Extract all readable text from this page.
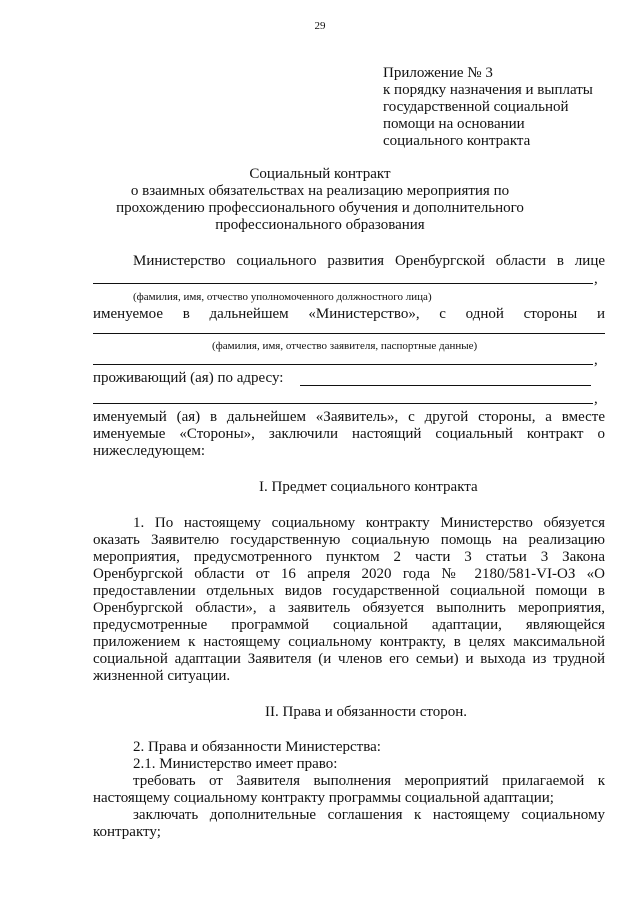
29

Приложение № 3

к порядку назначения и выплаты

государственной социальной

помощи на основании

социального контракта

Социальный контракт

о взаимных обязательствах на реализацию мероприятия по

прохождению профессионального обучения и дополнительного

профессионального образования

Министерство социального развития Оренбургской области в лице

,

(фамилия, имя, отчество уполномоченного должностного лица)

именуемое в дальнейшем «Министерство», с одной стороны и

(фамилия, имя, отчество заявителя, паспортные данные)

,

проживающий (ая) по адресу:

,

именуемый (ая) в дальнейшем «Заявитель», с другой стороны, а вместе

именуемые «Стороны», заключили настоящий социальный контракт о

нижеследующем:

I. Предмет социального контракта

1. По настоящему социальному контракту Министерство обязуется

оказать Заявителю государственную социальную помощь на реализацию

мероприятия, предусмотренного пунктом 2 части 3 статьи 3 Закона

Оренбургской области от 16 апреля 2020 года № 2180/581-VI-ОЗ «О

предоставлении отдельных видов государственной социальной помощи в

Оренбургской области», а заявитель обязуется выполнить мероприятия,

предусмотренные программой социальной адаптации, являющейся

приложением к настоящему социальному контракту, в целях максимальной

социальной адаптации Заявителя (и членов его семьи) и выхода из трудной

жизненной ситуации.

II. Права и обязанности сторон.

2. Права и обязанности Министерства:

2.1. Министерство имеет право:

требовать от Заявителя выполнения мероприятий прилагаемой к

настоящему социальному контракту программы социальной адаптации;

заключать дополнительные соглашения к настоящему социальному

контракту;
